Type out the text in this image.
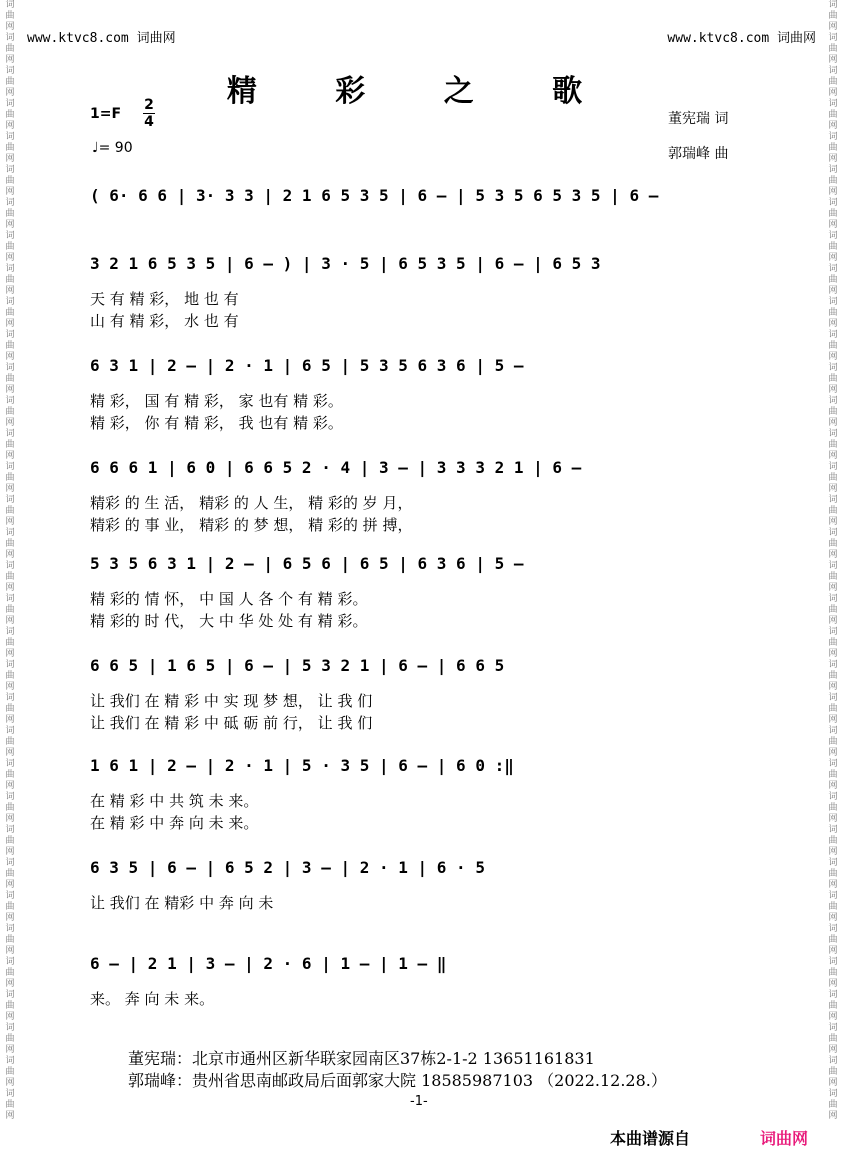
www.ktvc8.com 词曲网	www.ktvc8.com 词曲网
词
曲
网
词
曲
网
词
曲
网
词
曲
网
词
曲
网
词
曲
网
词
曲
网
词
曲
网
词
曲
网
词
曲
网
词
曲
网
词
曲
网
词
曲
网
词
曲
网
词
曲
网
词
曲
网
词
曲
网
词
曲
网
词
曲
网
词
曲
网
词
曲
网
词
曲
网
词
曲
网
词
曲
网
词
曲
网
词
曲
网
词
曲
网
词
曲
网
词
曲
网
词
曲
网
词
曲
网
词
曲
网
词
曲
网
词
曲
网
词
曲
网
词
曲
网
词
曲
网
词
曲
网
词
曲
网
词
曲
网
词
曲
网
词
曲
网
词
曲
网
词
曲
网
词
曲
网
词
曲
网
词
曲
网
词
曲
网
词
曲
网
词
曲
网
词
曲
网
词
曲
网
词
曲
网
词
曲
网
词
曲
网
词
曲
网
词
曲
网
词
曲
网
词
曲
网
词
曲
网
词
曲
网
词
曲
网
词
曲
网
词
曲
网
词
曲
网
词
曲
网
词
曲
网
词
曲
网
精 彩 之 歌
1=F
2
4
♩= 90
董宪瑞 词
郭瑞峰 曲
( 6· 6 6 | 3· 3 3 | 2 1 6 5 3 5 | 6 — | 5 3 5 6 5 3 5 | 6 —
3 2 1 6 5 3 5 | 6 — ) | 3 · 5 | 6 5 3 5 | 6 — | 6 5 3
天 有 精 彩， 地 也 有
山 有 精 彩， 水 也 有
6 3 1 | 2 — | 2 · 1 | 6 5 | 5 3 5 6 3 6 | 5 —
精 彩， 国 有 精 彩， 家 也有 精 彩。
精 彩， 你 有 精 彩， 我 也有 精 彩。
6 6 6 1 | 6 0 | 6 6 5 2 · 4 | 3 — | 3 3 3 2 1 | 6 —
精彩 的 生 活， 精彩 的 人 生， 精 彩的 岁 月，
精彩 的 事 业， 精彩 的 梦 想， 精 彩的 拼 搏，
5 3 5 6 3 1 | 2 — | 6 5 6 | 6 5 | 6 3 6 | 5 —
精 彩的 情 怀， 中 国 人 各 个 有 精 彩。
精 彩的 时 代， 大 中 华 处 处 有 精 彩。
6 6 5 | 1 6 5 | 6 — | 5 3 2 1 | 6 — | 6 6 5
让 我们 在 精 彩 中 实 现 梦 想， 让 我 们
让 我们 在 精 彩 中 砥 砺 前 行， 让 我 们
1 6 1 | 2 — | 2 · 1 | 5 · 3 5 | 6 — | 6 0 :‖
在 精 彩 中 共 筑 未 来。
在 精 彩 中 奔 向 未 来。
6 3 5 | 6 — | 6 5 2 | 3 — | 2 · 1 | 6 · 5
让 我们 在 精彩 中 奔 向 未
6 — | 2 1 | 3 — | 2 · 6 | 1 — | 1 — ‖
来。 奔 向 未 来。
董宪瑞：北京市通州区新华联家园南区37栋2-1-2 13651161831
郭瑞峰：贵州省思南邮政局后面郭家大院 18585987103 （2022.12.28.）
-1-
本曲谱源自	词曲网
